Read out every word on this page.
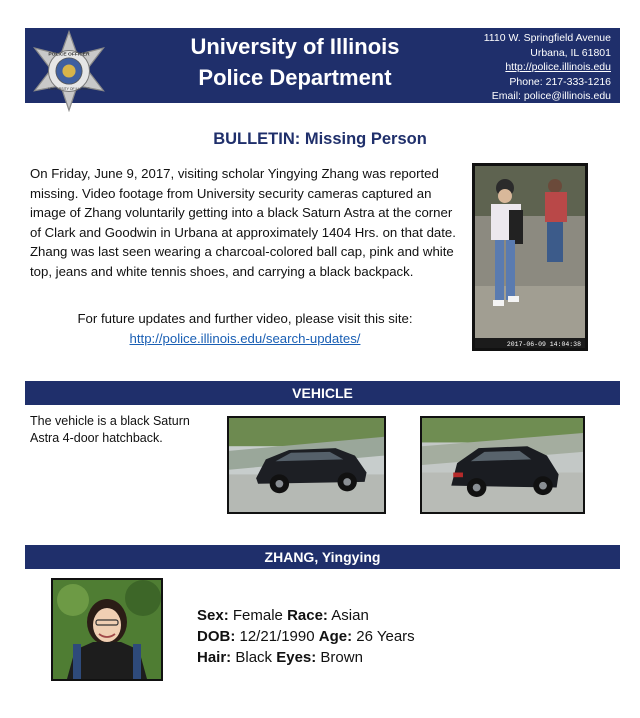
POLICE OFFICER
UNIVERSITY OF ILLINOIS
University of Illinois
Police Department
1110 W. Springfield Avenue
Urbana, IL 61801
http://police.illinois.edu
Phone: 217-333-1216
Email: police@illinois.edu
BULLETIN: Missing Person
On Friday, June 9, 2017, visiting scholar Yingying Zhang was reported missing. Video footage from University security cameras captured an image of Zhang voluntarily getting into a black Saturn Astra at the corner of Clark and Goodwin in Urbana at approximately 1404 Hrs. on that date. Zhang was last seen wearing a charcoal-colored ball cap, pink and white top, jeans and white tennis shoes, and carrying a black backpack.
For future updates and further video, please visit this site:
http://police.illinois.edu/search-updates/	2017-06-09 14:04:38
VEHICLE
The vehicle is a black Saturn Astra 4-door hatchback.
ZHANG, Yingying
Sex: Female Race: Asian
DOB: 12/21/1990 Age: 26 Years
Hair: Black Eyes: Brown
